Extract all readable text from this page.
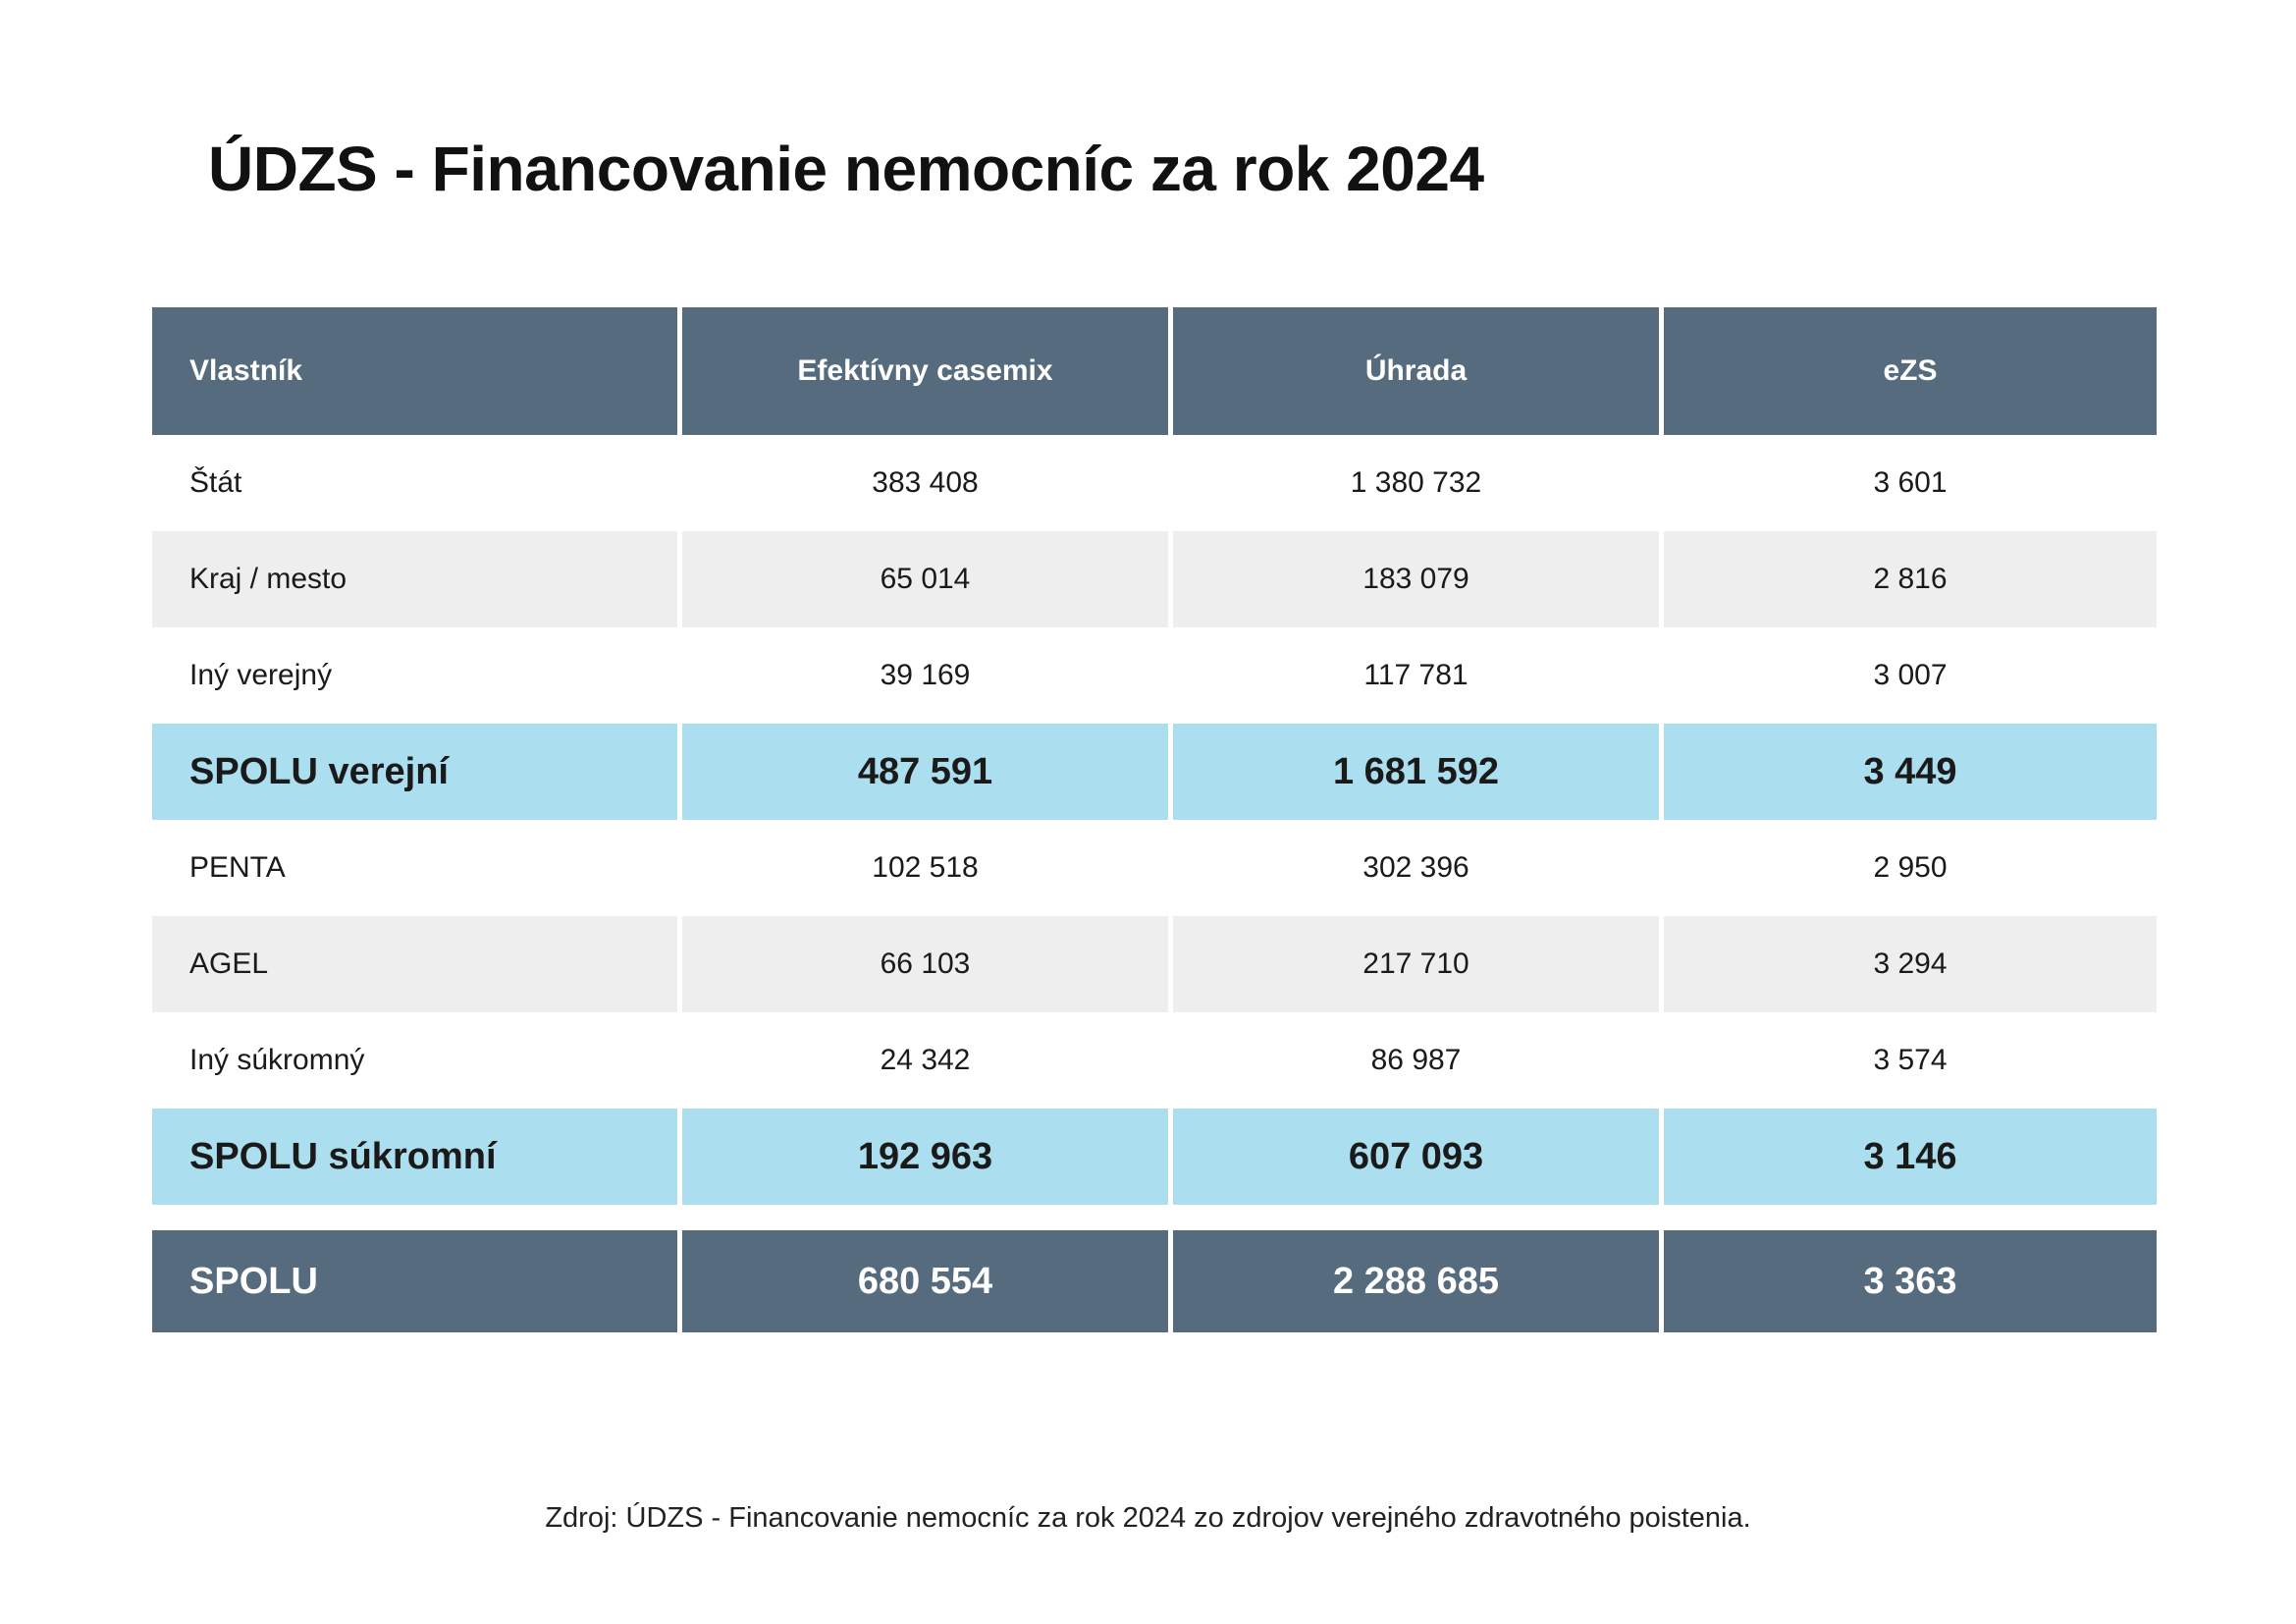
ÚDZS - Financovanie nemocníc za rok 2024
Vlastník	Efektívny casemix	Úhrada	eZS
Štát	383 408	1 380 732	3 601
Kraj / mesto	65 014	183 079	2 816
Iný verejný	39 169	117 781	3 007
SPOLU verejní	487 591	1 681 592	3 449
PENTA	102 518	302 396	2 950
AGEL	66 103	217 710	3 294
Iný súkromný	24 342	86 987	3 574
SPOLU súkromní	192 963	607 093	3 146

SPOLU	680 554	2 288 685	3 363
Zdroj: ÚDZS - Financovanie nemocníc za rok 2024 zo zdrojov verejného zdravotného poistenia.
